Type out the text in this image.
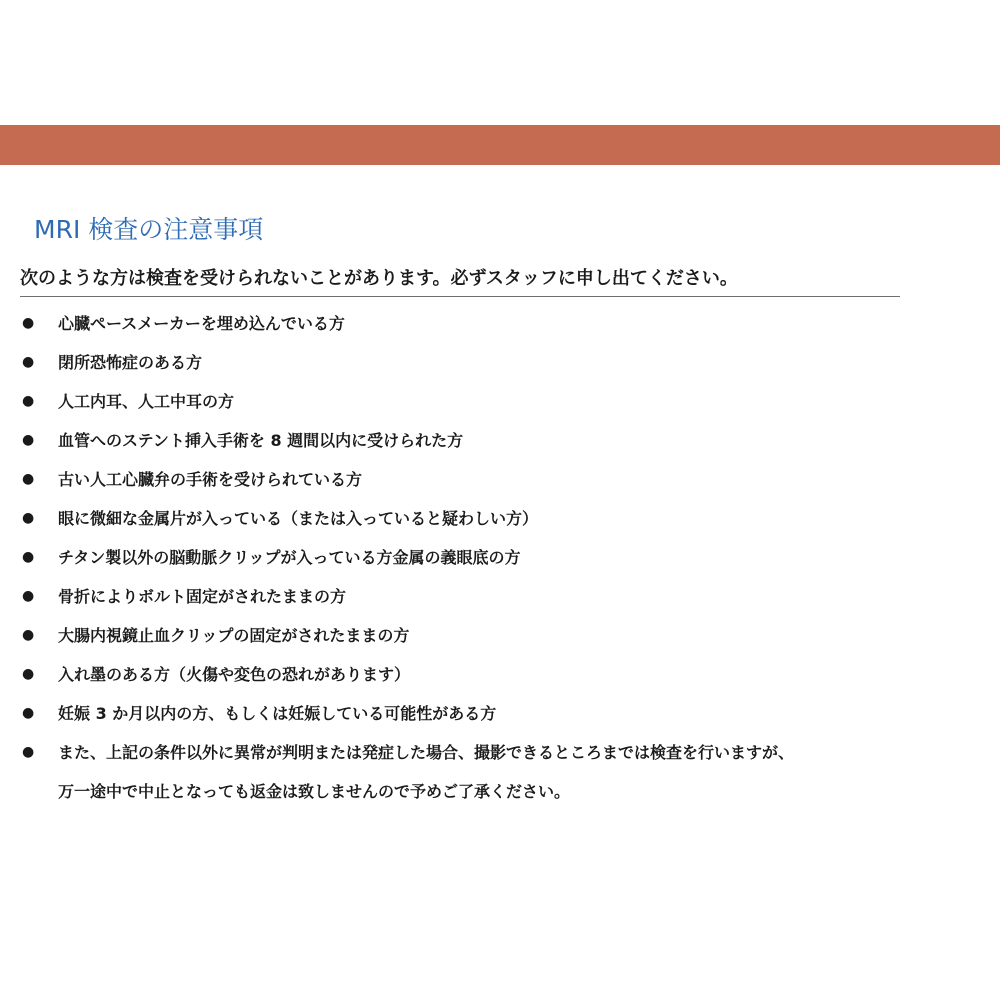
MRI 検査の注意事項
次のような方は検査を受けられないことがあります。必ずスタッフに申し出てください。
● 心臓ペースメーカーを埋め込んでいる方
● 閉所恐怖症のある方
● 人工内耳、人工中耳の方
● 血管へのステント挿入手術を 8 週間以内に受けられた方
● 古い人工心臓弁の手術を受けられている方
● 眼に微細な金属片が入っている（または入っていると疑わしい方）
● チタン製以外の脳動脈クリップが入っている方金属の義眼底の方
● 骨折によりボルト固定がされたままの方
● 大腸内視鏡止血クリップの固定がされたままの方
● 入れ墨のある方（火傷や変色の恐れがあります）
● 妊娠 3 か月以内の方、もしくは妊娠している可能性がある方
● また、上記の条件以外に異常が判明または発症した場合、撮影できるところまでは検査を行いますが、
万一途中で中止となっても返金は致しませんので予めご了承ください。
